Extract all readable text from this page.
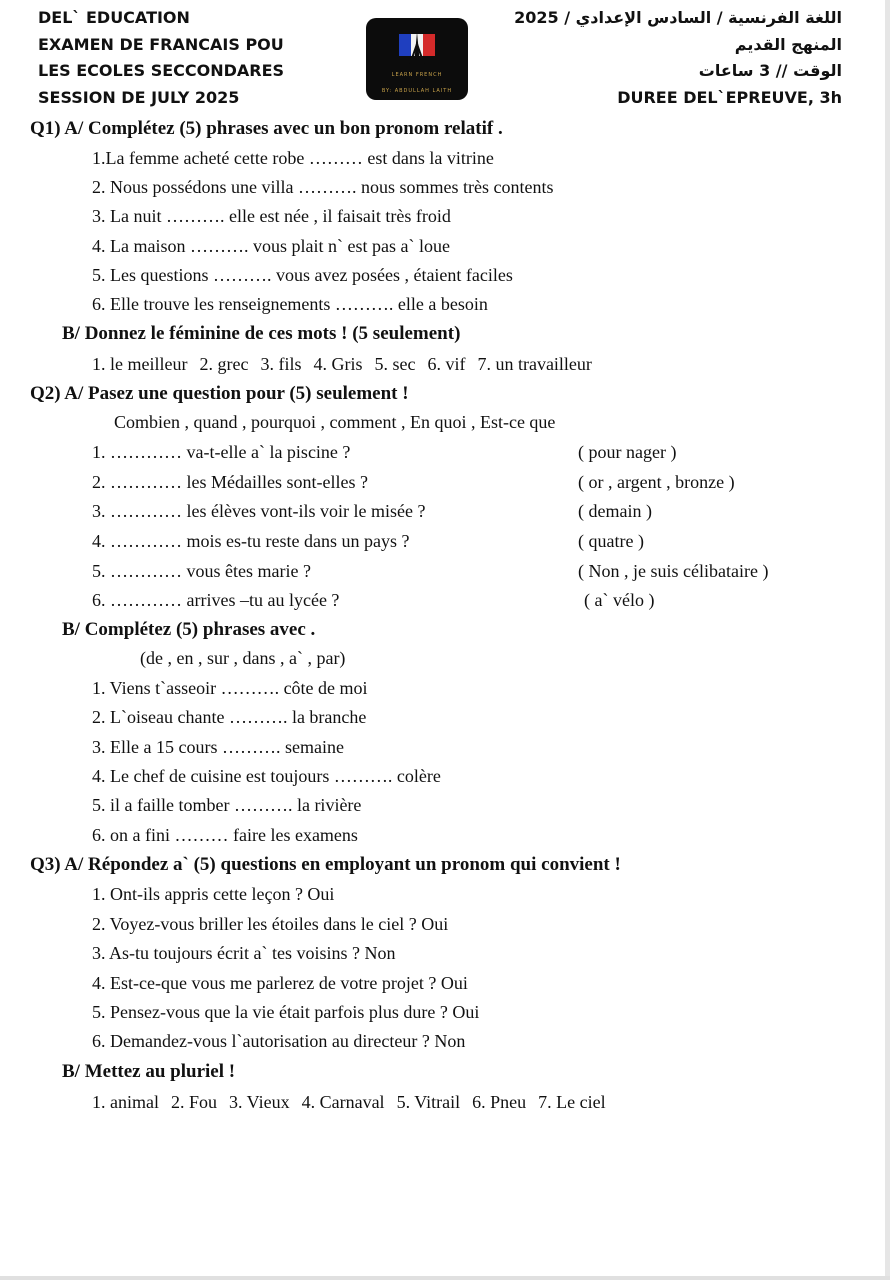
DEL` EDUCATION
EXAMEN DE FRANCAIS POU
LES ECOLES SECCONDARES
SESSION DE JULY 2025
اللغة الفرنسية / السادس الإعدادي / 2025
المنهج القديم
الوقت // 3 ساعات
DUREE DEL`EPREUVE, 3h
LEARN FRENCH
BY: ABDULLAH LAITH
Q1) A/ Complétez (5) phrases avec un bon pronom relatif .
1.La femme acheté cette robe ……… est dans la vitrine
2. Nous possédons une villa ………. nous sommes très contents
3. La nuit ………. elle est née , il faisait très froid
4. La maison ………. vous plait n` est pas a` loue
5. Les questions ………. vous avez posées , étaient faciles
6. Elle trouve les renseignements ………. elle a besoin
B/ Donnez le féminine de ces mots ! (5 seulement)
1. le meilleur 2. grec 3. fils 4. Gris 5. sec 6. vif 7. un travailleur
Q2) A/ Pasez une question pour (5) seulement !
Combien , quand , pourquoi , comment , En quoi , Est-ce que
1. ………… va-t-elle a` la piscine ?	( pour nager )
2. ………… les Médailles sont-elles ?	( or , argent , bronze )
3. ………… les élèves vont-ils voir le misée ?	( demain )
4. ………… mois es-tu reste dans un pays ?	( quatre )
5. ………… vous êtes marie ?	( Non , je suis célibataire )
6. ………… arrives –tu au lycée ?	( a` vélo )
B/ Complétez (5) phrases avec .
(de , en , sur , dans , a` , par)
1. Viens t`asseoir ………. côte de moi
2. L`oiseau chante ………. la branche
3. Elle a 15 cours ………. semaine
4. Le chef de cuisine est toujours ………. colère
5. il a faille tomber ………. la rivière
6. on a fini ……… faire les examens
Q3) A/ Répondez a` (5) questions en employant un pronom qui convient !
1. Ont-ils appris cette leçon ? Oui
2. Voyez-vous briller les étoiles dans le ciel ? Oui
3. As-tu toujours écrit a` tes voisins ? Non
4. Est-ce-que vous me parlerez de votre projet ? Oui
5. Pensez-vous que la vie était parfois plus dure ? Oui
6. Demandez-vous l`autorisation au directeur ? Non
B/ Mettez au pluriel !
1. animal 2. Fou 3. Vieux 4. Carnaval 5. Vitrail 6. Pneu 7. Le ciel
